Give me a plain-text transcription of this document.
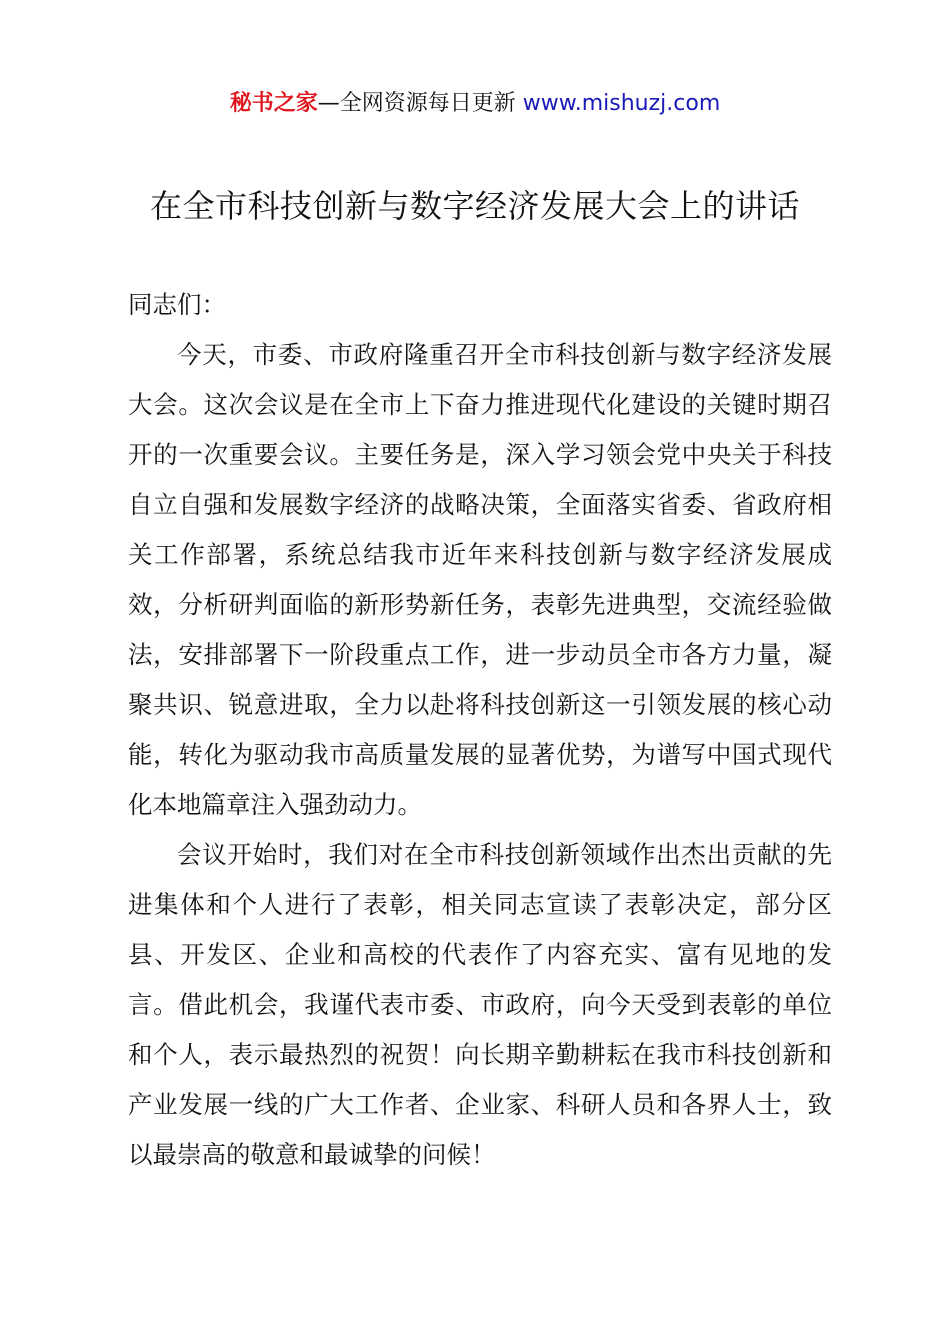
秘书之家—全网资源每日更新 www.mishuzj.com
在全市科技创新与数字经济发展大会上的讲话

同志们：

今天，市委、市政府隆重召开全市科技创新与数字经济发展大会。这次会议是在全市上下奋力推进现代化建设的关键时期召开的一次重要会议。主要任务是，深入学习领会党中央关于科技自立自强和发展数字经济的战略决策，全面落实省委、省政府相关工作部署，系统总结我市近年来科技创新与数字经济发展成效，分析研判面临的新形势新任务，表彰先进典型，交流经验做法，安排部署下一阶段重点工作，进一步动员全市各方力量，凝聚共识、锐意进取，全力以赴将科技创新这一引领发展的核心动能，转化为驱动我市高质量发展的显著优势，为谱写中国式现代化本地篇章注入强劲动力。

会议开始时，我们对在全市科技创新领域作出杰出贡献的先进集体和个人进行了表彰，相关同志宣读了表彰决定，部分区县、开发区、企业和高校的代表作了内容充实、富有见地的发言。借此机会，我谨代表市委、市政府，向今天受到表彰的单位和个人，表示最热烈的祝贺！向长期辛勤耕耘在我市科技创新和产业发展一线的广大工作者、企业家、科研人员和各界人士，致以最崇高的敬意和最诚挚的问候！
